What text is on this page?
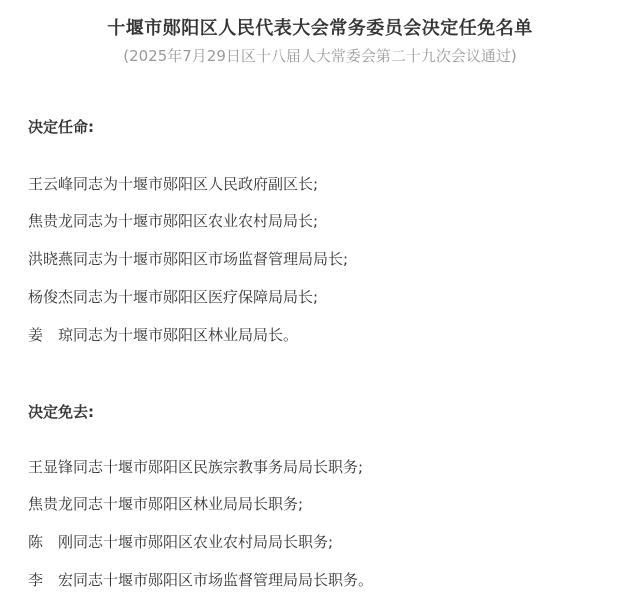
十堰市郧阳区人民代表大会常务委员会决定任免名单
(2025年7月29日区十八届人大常委会第二十九次会议通过)
决定任命:
王云峰同志为十堰市郧阳区人民政府副区长;
焦贵龙同志为十堰市郧阳区农业农村局局长;
洪晓燕同志为十堰市郧阳区市场监督管理局局长;
杨俊杰同志为十堰市郧阳区医疗保障局局长;
姜　琼同志为十堰市郧阳区林业局局长。
决定免去:
王显锋同志十堰市郧阳区民族宗教事务局局长职务;
焦贵龙同志十堰市郧阳区林业局局长职务;
陈　刚同志十堰市郧阳区农业农村局局长职务;
李　宏同志十堰市郧阳区市场监督管理局局长职务。
